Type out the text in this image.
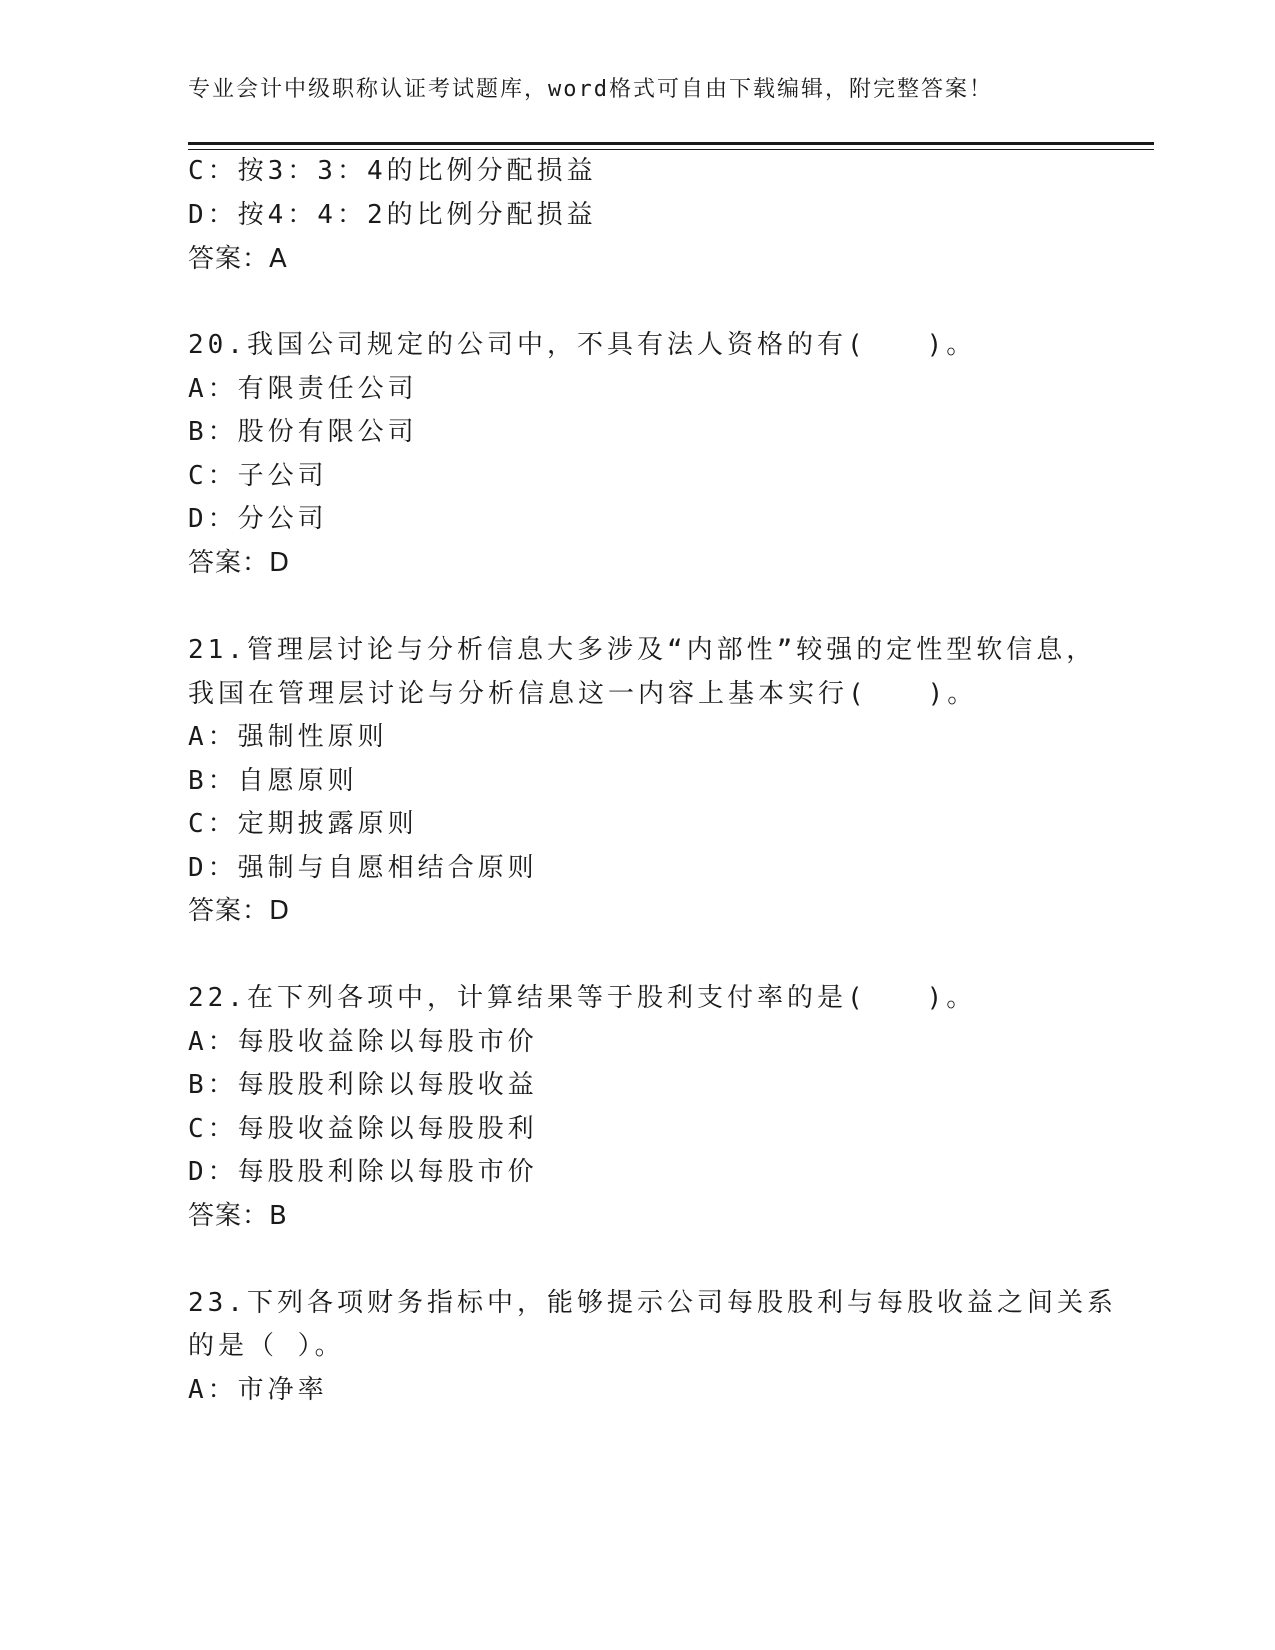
专业会计中级职称认证考试题库，word格式可自由下载编辑，附完整答案！
C：按3：3：4的比例分配损益
D：按4：4：2的比例分配损益
答案：A
20.我国公司规定的公司中，不具有法人资格的有(　　)。
A：有限责任公司
B：股份有限公司
C：子公司
D：分公司
答案：D
21.管理层讨论与分析信息大多涉及“内部性”较强的定性型软信息，
我国在管理层讨论与分析信息这一内容上基本实行(　　)。
A：强制性原则
B：自愿原则
C：定期披露原则
D：强制与自愿相结合原则
答案：D
22.在下列各项中，计算结果等于股利支付率的是(　　)。
A：每股收益除以每股市价
B：每股股利除以每股收益
C：每股收益除以每股股利
D：每股股利除以每股市价
答案：B
23.下列各项财务指标中，能够提示公司每股股利与每股收益之间关系
的是（ ）。
A：市净率
